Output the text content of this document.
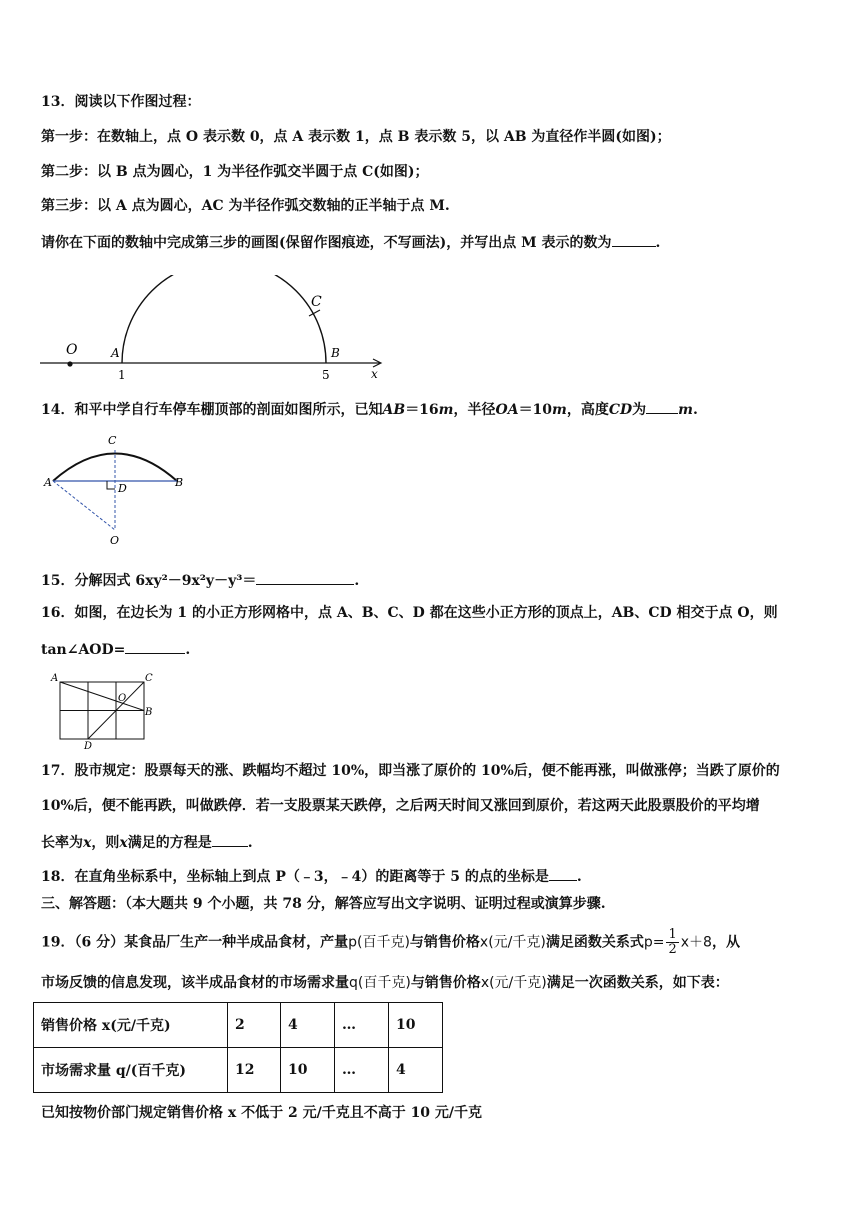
13．阅读以下作图过程：
第一步：在数轴上，点 O 表示数 0，点 A 表示数 1，点 B 表示数 5，以 AB 为直径作半圆(如图)；
第二步：以 B 点为圆心，1 为半径作弧交半圆于点 C(如图)；
第三步：以 A 点为圆心，AC 为半径作弧交数轴的正半轴于点 M.
请你在下面的数轴中完成第三步的画图(保留作图痕迹，不写画法)，并写出点 M 表示的数为	.
O	A	B
C
x
1	5
14．和平中学自行车停车棚顶部的剖面如图所示，已知AB＝16m，半径OA＝10m，高度CD为 m.
C
A	B
D
O
15．分解因式 6xy²－9x²y－y³＝	.
16．如图，在边长为 1 的小正方形网格中，点 A、B、C、D 都在这些小正方形的顶点上，AB、CD 相交于点 O，则
tan∠AOD=	.
A	C
B
O
D
17．股市规定：股票每天的涨、跌幅均不超过 10%，即当涨了原价的 10%后，便不能再涨，叫做涨停；当跌了原价的
10%后，便不能再跌，叫做跌停．若一支股票某天跌停，之后两天时间又涨回到原价，若这两天此股票股价的平均增
长率为x，则x满足的方程是	.
18．在直角坐标系中，坐标轴上到点 P（﹣3，﹣4）的距离等于 5 的点的坐标是 .
三、解答题：（本大题共 9 个小题，共 78 分，解答应写出文字说明、证明过程或演算步骤.
19．（6 分）某食品厂生产一种半成品食材，产量p(百千克)与销售价格x(元/千克)满足函数关系式$p= \frac{1}{2} x+8$，从
市场反馈的信息发现，该半成品食材的市场需求量q(百千克)与销售价格x(元/千克)满足一次函数关系，如下表：
销售价格 x(元/千克)	2	4	…	10
市场需求量 q/(百千克)	12	10	…	4
已知按物价部门规定销售价格 x 不低于 2 元/千克且不高于 10 元/千克
